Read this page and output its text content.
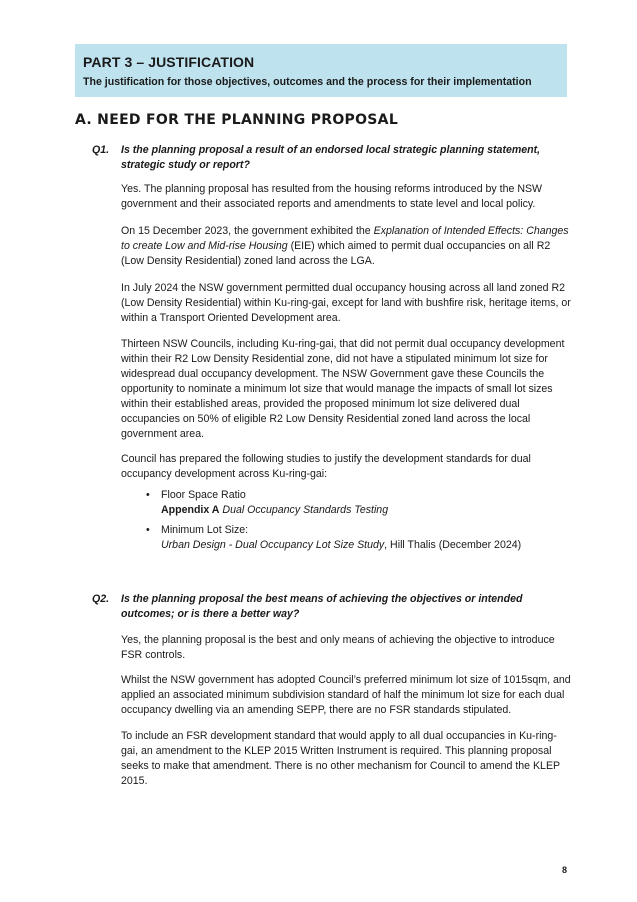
PART 3 – JUSTIFICATION
The justification for those objectives, outcomes and the process for their implementation
A. NEED FOR THE PLANNING PROPOSAL
Q1. Is the planning proposal a result of an endorsed local strategic planning statement, strategic study or report?
Yes. The planning proposal has resulted from the housing reforms introduced by the NSW government and their associated reports and amendments to state level and local policy.
On 15 December 2023, the government exhibited the Explanation of Intended Effects: Changes to create Low and Mid-rise Housing (EIE) which aimed to permit dual occupancies on all R2 (Low Density Residential) zoned land across the LGA.
In July 2024 the NSW government permitted dual occupancy housing across all land zoned R2 (Low Density Residential) within Ku-ring-gai, except for land with bushfire risk, heritage items, or within a Transport Oriented Development area.
Thirteen NSW Councils, including Ku-ring-gai, that did not permit dual occupancy development within their R2 Low Density Residential zone, did not have a stipulated minimum lot size for widespread dual occupancy development. The NSW Government gave these Councils the opportunity to nominate a minimum lot size that would manage the impacts of small lot sizes within their established areas, provided the proposed minimum lot size delivered dual occupancies on 50% of eligible R2 Low Density Residential zoned land across the local government area.
Council has prepared the following studies to justify the development standards for dual occupancy development across Ku-ring-gai:
• Floor Space Ratio
Appendix A Dual Occupancy Standards Testing
• Minimum Lot Size:
Urban Design - Dual Occupancy Lot Size Study, Hill Thalis (December 2024)
Q2. Is the planning proposal the best means of achieving the objectives or intended outcomes; or is there a better way?
Yes, the planning proposal is the best and only means of achieving the objective to introduce FSR controls.
Whilst the NSW government has adopted Council’s preferred minimum lot size of 1015sqm, and applied an associated minimum subdivision standard of half the minimum lot size for each dual occupancy dwelling via an amending SEPP, there are no FSR standards stipulated.
To include an FSR development standard that would apply to all dual occupancies in Ku-ring-gai, an amendment to the KLEP 2015 Written Instrument is required. This planning proposal seeks to make that amendment. There is no other mechanism for Council to amend the KLEP 2015.
8
